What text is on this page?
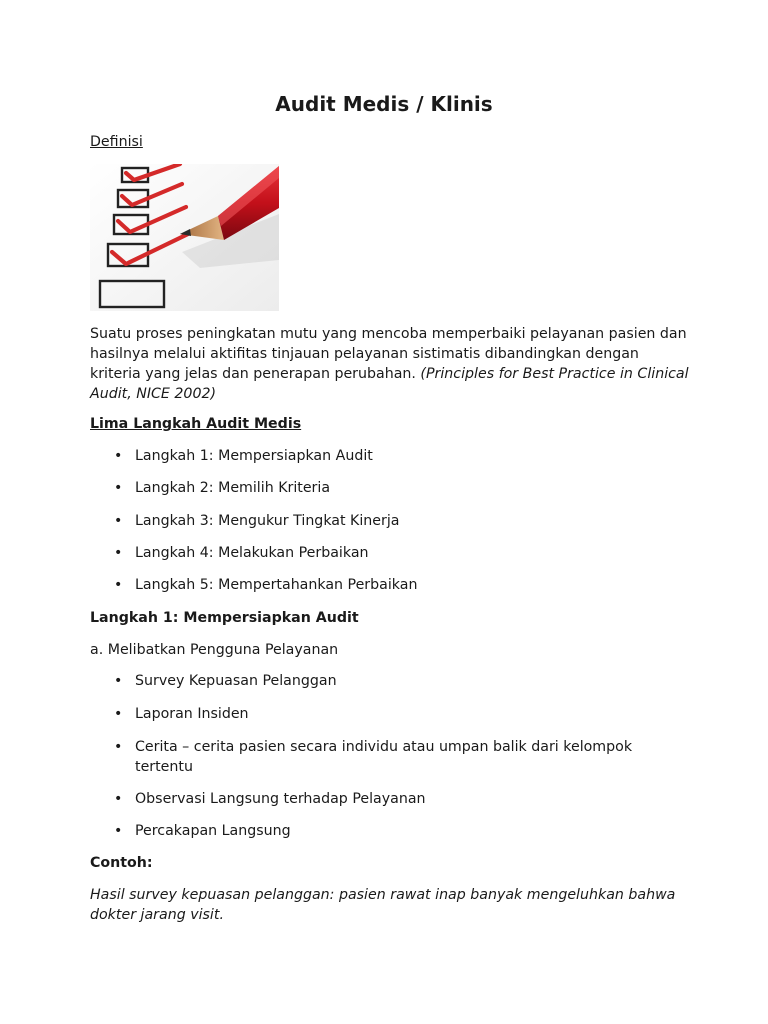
Audit Medis / Klinis

Definisi

Suatu proses peningkatan mutu yang mencoba memperbaiki pelayanan pasien dan hasilnya melalui aktifitas tinjauan pelayanan sistimatis dibandingkan dengan kriteria yang jelas dan penerapan perubahan. (Principles for Best Practice in Clinical Audit, NICE 2002)

Lima Langkah Audit Medis

• Langkah 1: Mempersiapkan Audit
• Langkah 2: Memilih Kriteria
• Langkah 3: Mengukur Tingkat Kinerja
• Langkah 4: Melakukan Perbaikan
• Langkah 5: Mempertahankan Perbaikan

Langkah 1: Mempersiapkan Audit

a. Melibatkan Pengguna Pelayanan

• Survey Kepuasan Pelanggan
• Laporan Insiden
• Cerita – cerita pasien secara individu atau umpan balik dari kelompok tertentu
• Observasi Langsung terhadap Pelayanan
• Percakapan Langsung

Contoh:

Hasil survey kepuasan pelanggan: pasien rawat inap banyak mengeluhkan bahwa dokter jarang visit.
